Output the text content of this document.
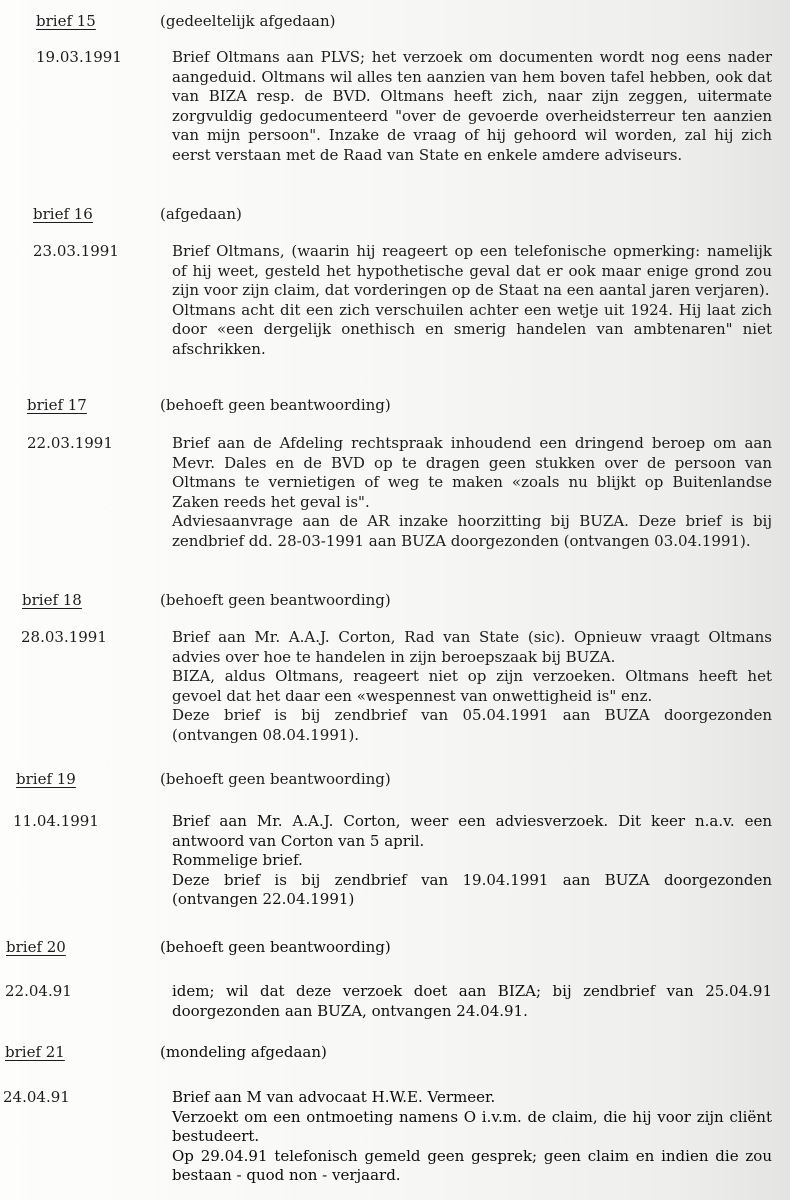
brief 15	(gedeeltelijk afgedaan)
19.03.1991	Brief Oltmans aan PLVS; het verzoek om documenten wordt nog eens nader aangeduid. Oltmans wil alles ten aanzien van hem boven tafel hebben, ook dat van BIZA resp. de BVD. Oltmans heeft zich, naar zijn zeggen, uitermate zorgvuldig gedocumenteerd "over de gevoerde overheidsterreur ten aanzien van mijn persoon". Inzake de vraag of hij gehoord wil worden, zal hij zich eerst verstaan met de Raad van State en enkele amdere adviseurs.

brief 16	(afgedaan)
23.03.1991	Brief Oltmans, (waarin hij reageert op een telefonische opmerking: namelijk of hij weet, gesteld het hypothetische geval dat er ook maar enige grond zou zijn voor zijn claim, dat vorderingen op de Staat na een aantal jaren verjaren).

Oltmans acht dit een zich verschuilen achter een wetje uit 1924. Hij laat zich door «een dergelijk onethisch en smerig handelen van ambtenaren" niet afschrikken.

brief 17	(behoeft geen beantwoording)
22.03.1991	Brief aan de Afdeling rechtspraak inhoudend een dringend beroep om aan Mevr. Dales en de BVD op te dragen geen stukken over de persoon van Oltmans te vernietigen of weg te maken «zoals nu blijkt op Buitenlandse Zaken reeds het geval is".

Adviesaanvrage aan de AR inzake hoorzitting bij BUZA. Deze brief is bij zendbrief dd. 28-03-1991 aan BUZA doorgezonden (ontvangen 03.04.1991).

brief 18	(behoeft geen beantwoording)
28.03.1991	Brief aan Mr. A.A.J. Corton, Rad van State (sic). Opnieuw vraagt Oltmans advies over hoe te handelen in zijn beroepszaak bij BUZA.

BIZA, aldus Oltmans, reageert niet op zijn verzoeken. Oltmans heeft het gevoel dat het daar een «wespennest van onwettigheid is" enz.

Deze brief is bij zendbrief van 05.04.1991 aan BUZA doorgezonden (ontvangen 08.04.1991).

brief 19	(behoeft geen beantwoording)
11.04.1991	Brief aan Mr. A.A.J. Corton, weer een adviesverzoek. Dit keer n.a.v. een antwoord van Corton van 5 april.

Rommelige brief.

Deze brief is bij zendbrief van 19.04.1991 aan BUZA doorgezonden (ontvangen 22.04.1991)

brief 20	(behoeft geen beantwoording)
22.04.91	idem; wil dat deze verzoek doet aan BIZA; bij zendbrief van 25.04.91 doorgezonden aan BUZA, ontvangen 24.04.91.

brief 21	(mondeling afgedaan)
24.04.91	Brief aan M van advocaat H.W.E. Vermeer.

Verzoekt om een ontmoeting namens O i.v.m. de claim, die hij voor zijn cliënt bestudeert.

Op 29.04.91 telefonisch gemeld geen gesprek; geen claim en indien die zou bestaan - quod non - verjaard.
